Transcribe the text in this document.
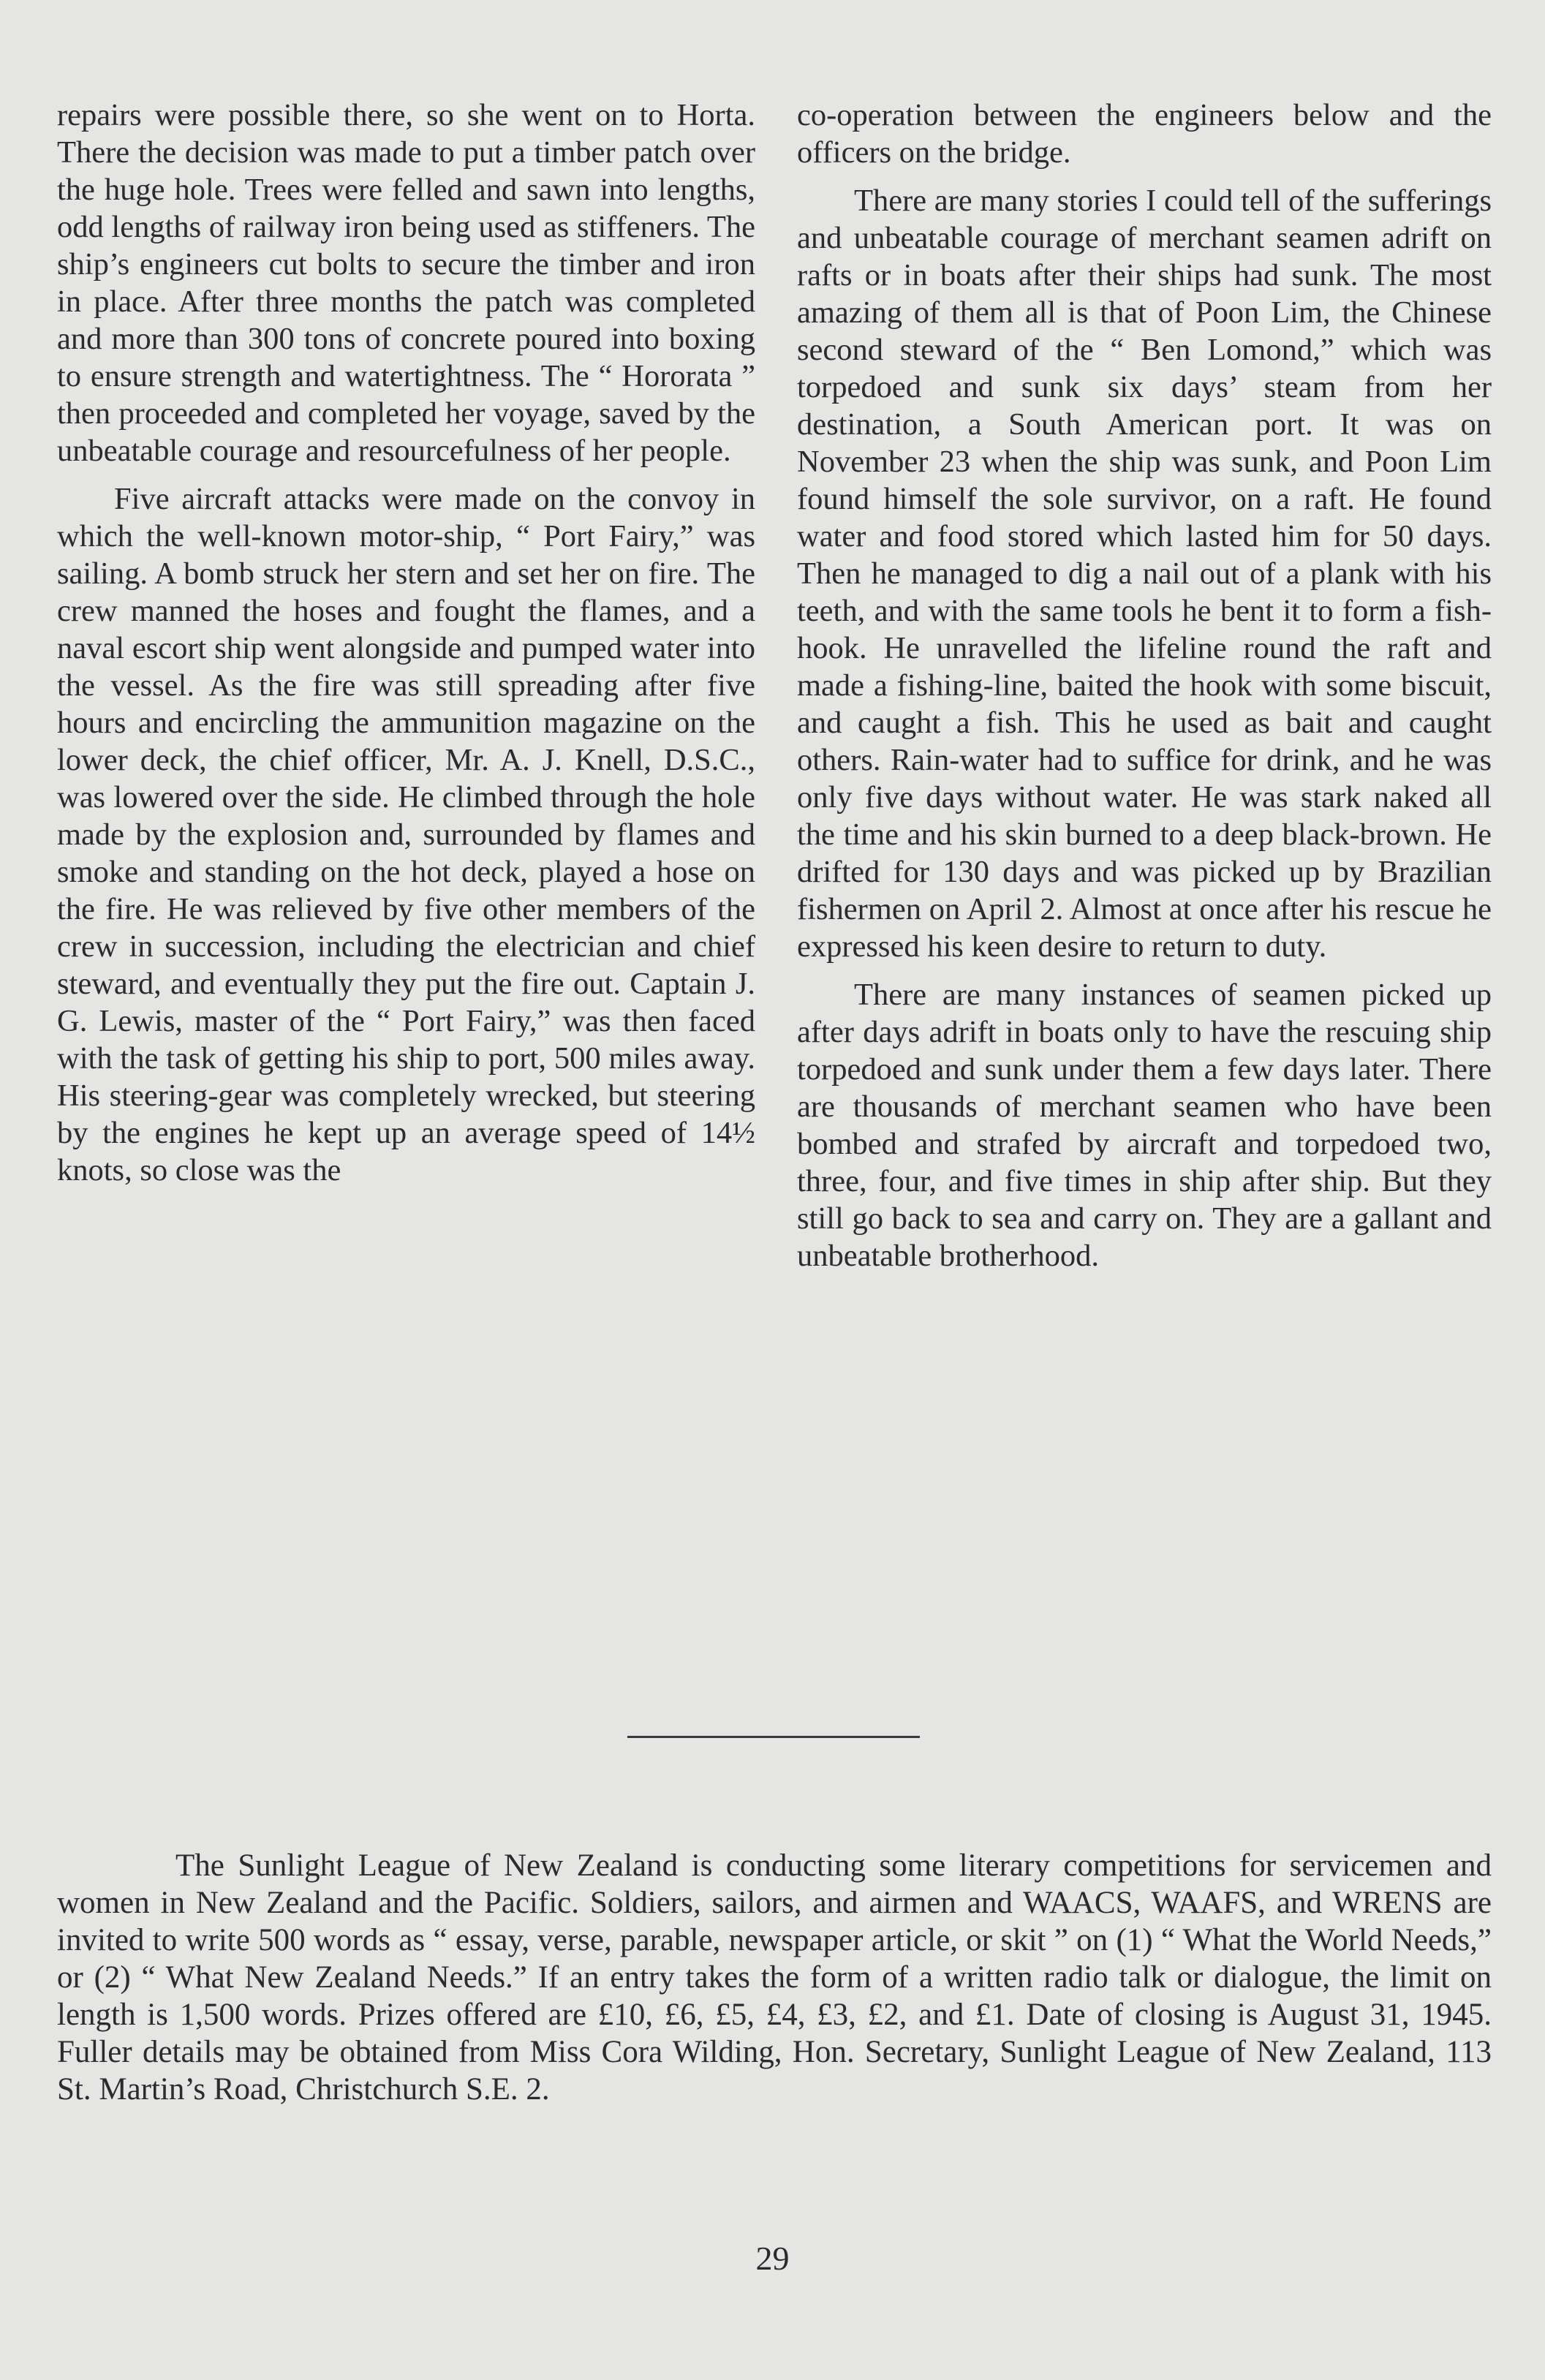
repairs were possible there, so she went on to Horta. There the decision was made to put a timber patch over the huge hole. Trees were felled and sawn into lengths, odd lengths of railway iron being used as stiffeners. The ship’s engineers cut bolts to secure the timber and iron in place. After three months the patch was completed and more than 300 tons of concrete poured into boxing to ensure strength and watertightness. The “ Hororata ” then proceeded and completed her voyage, saved by the unbeatable courage and resourcefulness of her people.

Five aircraft attacks were made on the convoy in which the well-known motor-ship, “ Port Fairy,” was sailing. A bomb struck her stern and set her on fire. The crew manned the hoses and fought the flames, and a naval escort ship went alongside and pumped water into the vessel. As the fire was still spreading after five hours and encircling the ammunition magazine on the lower deck, the chief officer, Mr. A. J. Knell, D.S.C., was lowered over the side. He climbed through the hole made by the explosion and, surrounded by flames and smoke and standing on the hot deck, played a hose on the fire. He was relieved by five other members of the crew in succession, including the electrician and chief steward, and eventually they put the fire out. Captain J. G. Lewis, master of the “ Port Fairy,” was then faced with the task of getting his ship to port, 500 miles away. His steering-gear was completely wrecked, but steering by the engines he kept up an average speed of 14½ knots, so close was the

co-operation between the engineers below and the officers on the bridge.

There are many stories I could tell of the sufferings and unbeatable courage of merchant seamen adrift on rafts or in boats after their ships had sunk. The most amazing of them all is that of Poon Lim, the Chinese second steward of the “ Ben Lomond,” which was torpedoed and sunk six days’ steam from her destination, a South American port. It was on November 23 when the ship was sunk, and Poon Lim found himself the sole survivor, on a raft. He found water and food stored which lasted him for 50 days. Then he managed to dig a nail out of a plank with his teeth, and with the same tools he bent it to form a fish-hook. He unravelled the lifeline round the raft and made a fishing-line, baited the hook with some biscuit, and caught a fish. This he used as bait and caught others. Rain-water had to suffice for drink, and he was only five days without water. He was stark naked all the time and his skin burned to a deep black-brown. He drifted for 130 days and was picked up by Brazilian fishermen on April 2. Almost at once after his rescue he expressed his keen desire to return to duty.

There are many instances of seamen picked up after days adrift in boats only to have the rescuing ship torpedoed and sunk under them a few days later. There are thousands of merchant seamen who have been bombed and strafed by aircraft and torpedoed two, three, four, and five times in ship after ship. But they still go back to sea and carry on. They are a gallant and unbeatable brotherhood.

The Sunlight League of New Zealand is conducting some literary competitions for servicemen and women in New Zealand and the Pacific. Soldiers, sailors, and airmen and WAACS, WAAFS, and WRENS are invited to write 500 words as “ essay, verse, parable, newspaper article, or skit ” on (1) “ What the World Needs,” or (2) “ What New Zealand Needs.” If an entry takes the form of a written radio talk or dialogue, the limit on length is 1,500 words. Prizes offered are £10, £6, £5, £4, £3, £2, and £1. Date of closing is August 31, 1945. Fuller details may be obtained from Miss Cora Wilding, Hon. Secretary, Sunlight League of New Zealand, 113 St. Martin’s Road, Christchurch S.E. 2.

29
